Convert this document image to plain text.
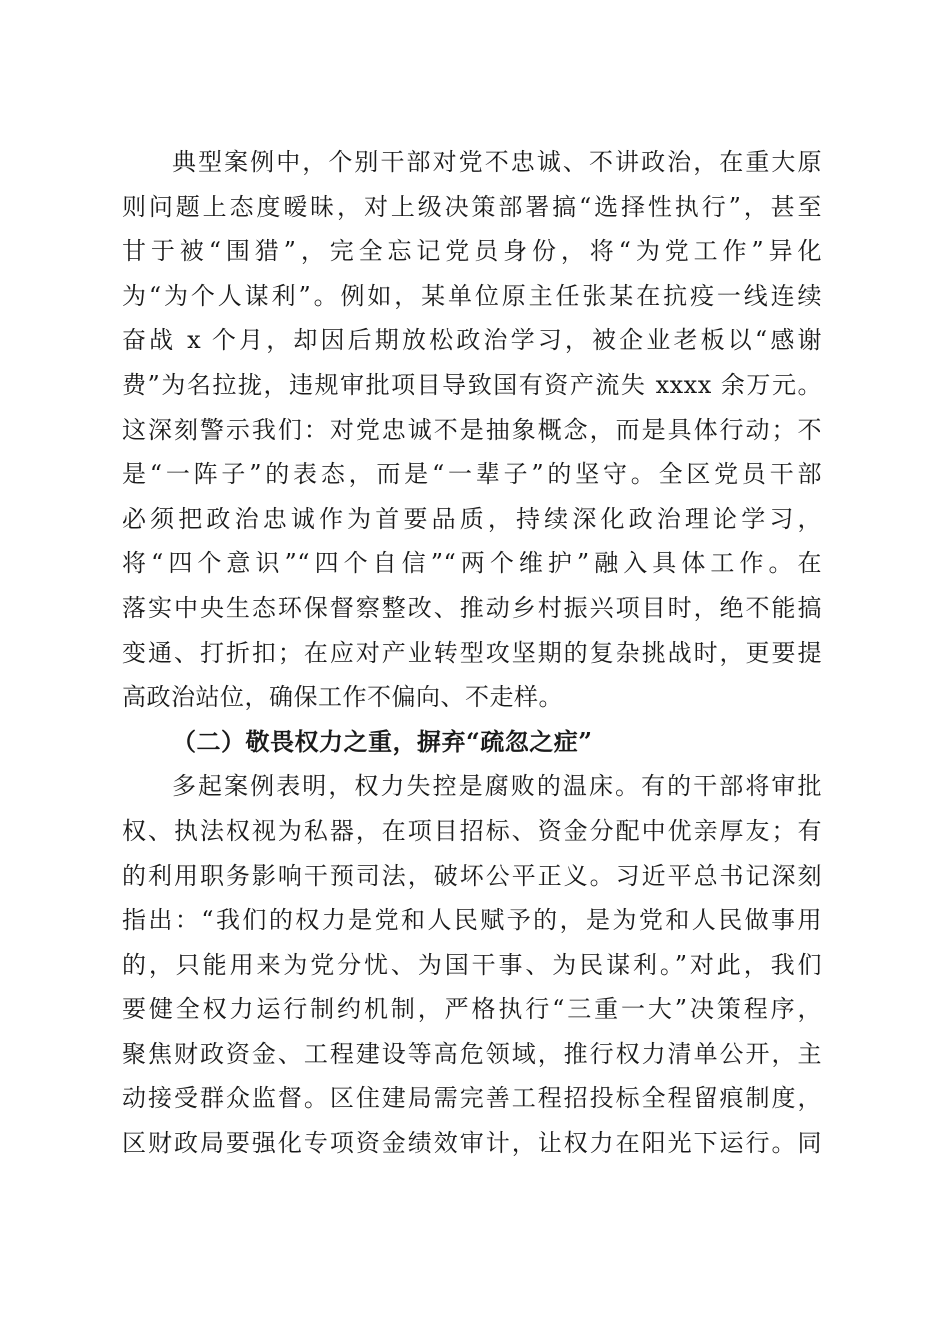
典型案例中，个别干部对党不忠诚、不讲政治，在重大原
则问题上态度暧昧，对上级决策部署搞“选择性执行”，甚至
甘于被“围猎”，完全忘记党员身份，将“为党工作”异化
为“为个人谋利”。例如，某单位原主任张某在抗疫一线连续
奋战 x 个月，却因后期放松政治学习，被企业老板以“感谢
费”为名拉拢，违规审批项目导致国有资产流失 xxxx 余万元。
这深刻警示我们：对党忠诚不是抽象概念，而是具体行动；不
是“一阵子”的表态，而是“一辈子”的坚守。全区党员干部
必须把政治忠诚作为首要品质，持续深化政治理论学习，
将“四个意识”“四个自信”“两个维护”融入具体工作。在
落实中央生态环保督察整改、推动乡村振兴项目时，绝不能搞
变通、打折扣；在应对产业转型攻坚期的复杂挑战时，更要提
高政治站位，确保工作不偏向、不走样。
（二）敬畏权力之重，摒弃“疏忽之症”
多起案例表明，权力失控是腐败的温床。有的干部将审批
权、执法权视为私器，在项目招标、资金分配中优亲厚友；有
的利用职务影响干预司法，破坏公平正义。习近平总书记深刻
指出：“我们的权力是党和人民赋予的，是为党和人民做事用
的，只能用来为党分忧、为国干事、为民谋利。”对此，我们
要健全权力运行制约机制，严格执行“三重一大”决策程序，
聚焦财政资金、工程建设等高危领域，推行权力清单公开，主
动接受群众监督。区住建局需完善工程招投标全程留痕制度，
区财政局要强化专项资金绩效审计，让权力在阳光下运行。同
